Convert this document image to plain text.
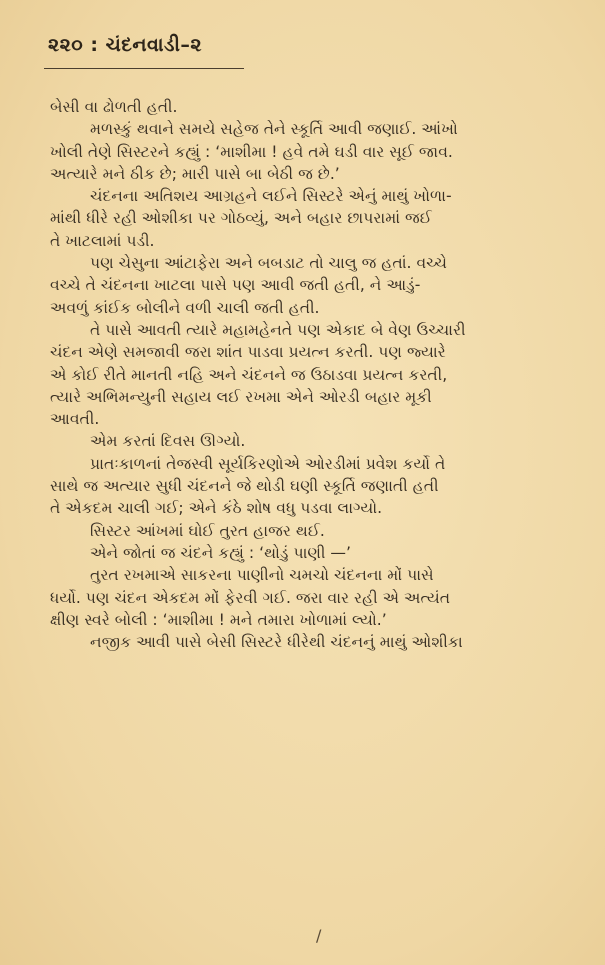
૨૨૦ : ચંદનવાડી–૨
બેસી વા ઢોળતી હતી.
મળસ્કું થવાને સમયે સહેજ તેને સ્કૂર્તિ આવી જણાઈ. આંખો
ખોલી તેણે સિસ્ટરને કહ્યું : ‘માશીમા ! હવે તમે ઘડી વાર સૂઈ જાવ.
અત્યારે મને ઠીક છે; મારી પાસે બા બેઠી જ છે.’
ચંદનના અતિશય આગ્રહને લઈને સિસ્ટરે એનું માથું ખોળા-
માંથી ધીરે રહી ઓશીકા પર ગોઠવ્યું, અને બહાર છાપરામાં જઈ
તે ખાટલામાં પડી.
પણ ચેસુના આંટાફેરા અને બબડાટ તો ચાલુ જ હતાં. વચ્ચે
વચ્ચે તે ચંદનના ખાટલા પાસે પણ આવી જતી હતી, ને આડું-
અવળું કાંઈક બોલીને વળી ચાલી જતી હતી.
તે પાસે આવતી ત્યારે મહામહેનતે પણ એકાદ બે વેણ ઉચ્ચારી
ચંદન એણે સમજાવી જરા શાંત પાડવા પ્રયત્ન કરતી. પણ જ્યારે
એ કોઈ રીતે માનતી નહિ અને ચંદનને જ ઉઠાડવા પ્રયત્ન કરતી,
ત્યારે અભિમન્યુની સહાય લઈ રખમા એને ઓરડી બહાર મૂકી
આવતી.
એમ કરતાં દિવસ ઊગ્યો.
પ્રાતઃકાળનાં તેજસ્વી સૂર્યકિરણોએ ઓરડીમાં પ્રવેશ કર્યો તે
સાથે જ અત્યાર સુધી ચંદનને જે થોડી ઘણી સ્કૂર્તિ જણાતી હતી
તે એકદમ ચાલી ગઈ; એને કંઠે શોષ વધુ પડવા લાગ્યો.
સિસ્ટર આંખમાં ઘોઈ તુરત હાજર થઈ.
એને જોતાં જ ચંદને કહ્યું : ‘થોડું પાણી —’
તુરત રખમાએ સાકરના પાણીનો ચમચો ચંદનના મોં પાસે
ધર્યો. પણ ચંદન એકદમ મોં ફેરવી ગઈ. જરા વાર રહી એ અત્યંત
ક્ષીણ સ્વરે બોલી : ‘માશીમા ! મને તમારા ખોળામાં લ્યો.’
નજીક આવી પાસે બેસી સિસ્ટરે ધીરેથી ચંદનનું માથું ઓશીકા
/
